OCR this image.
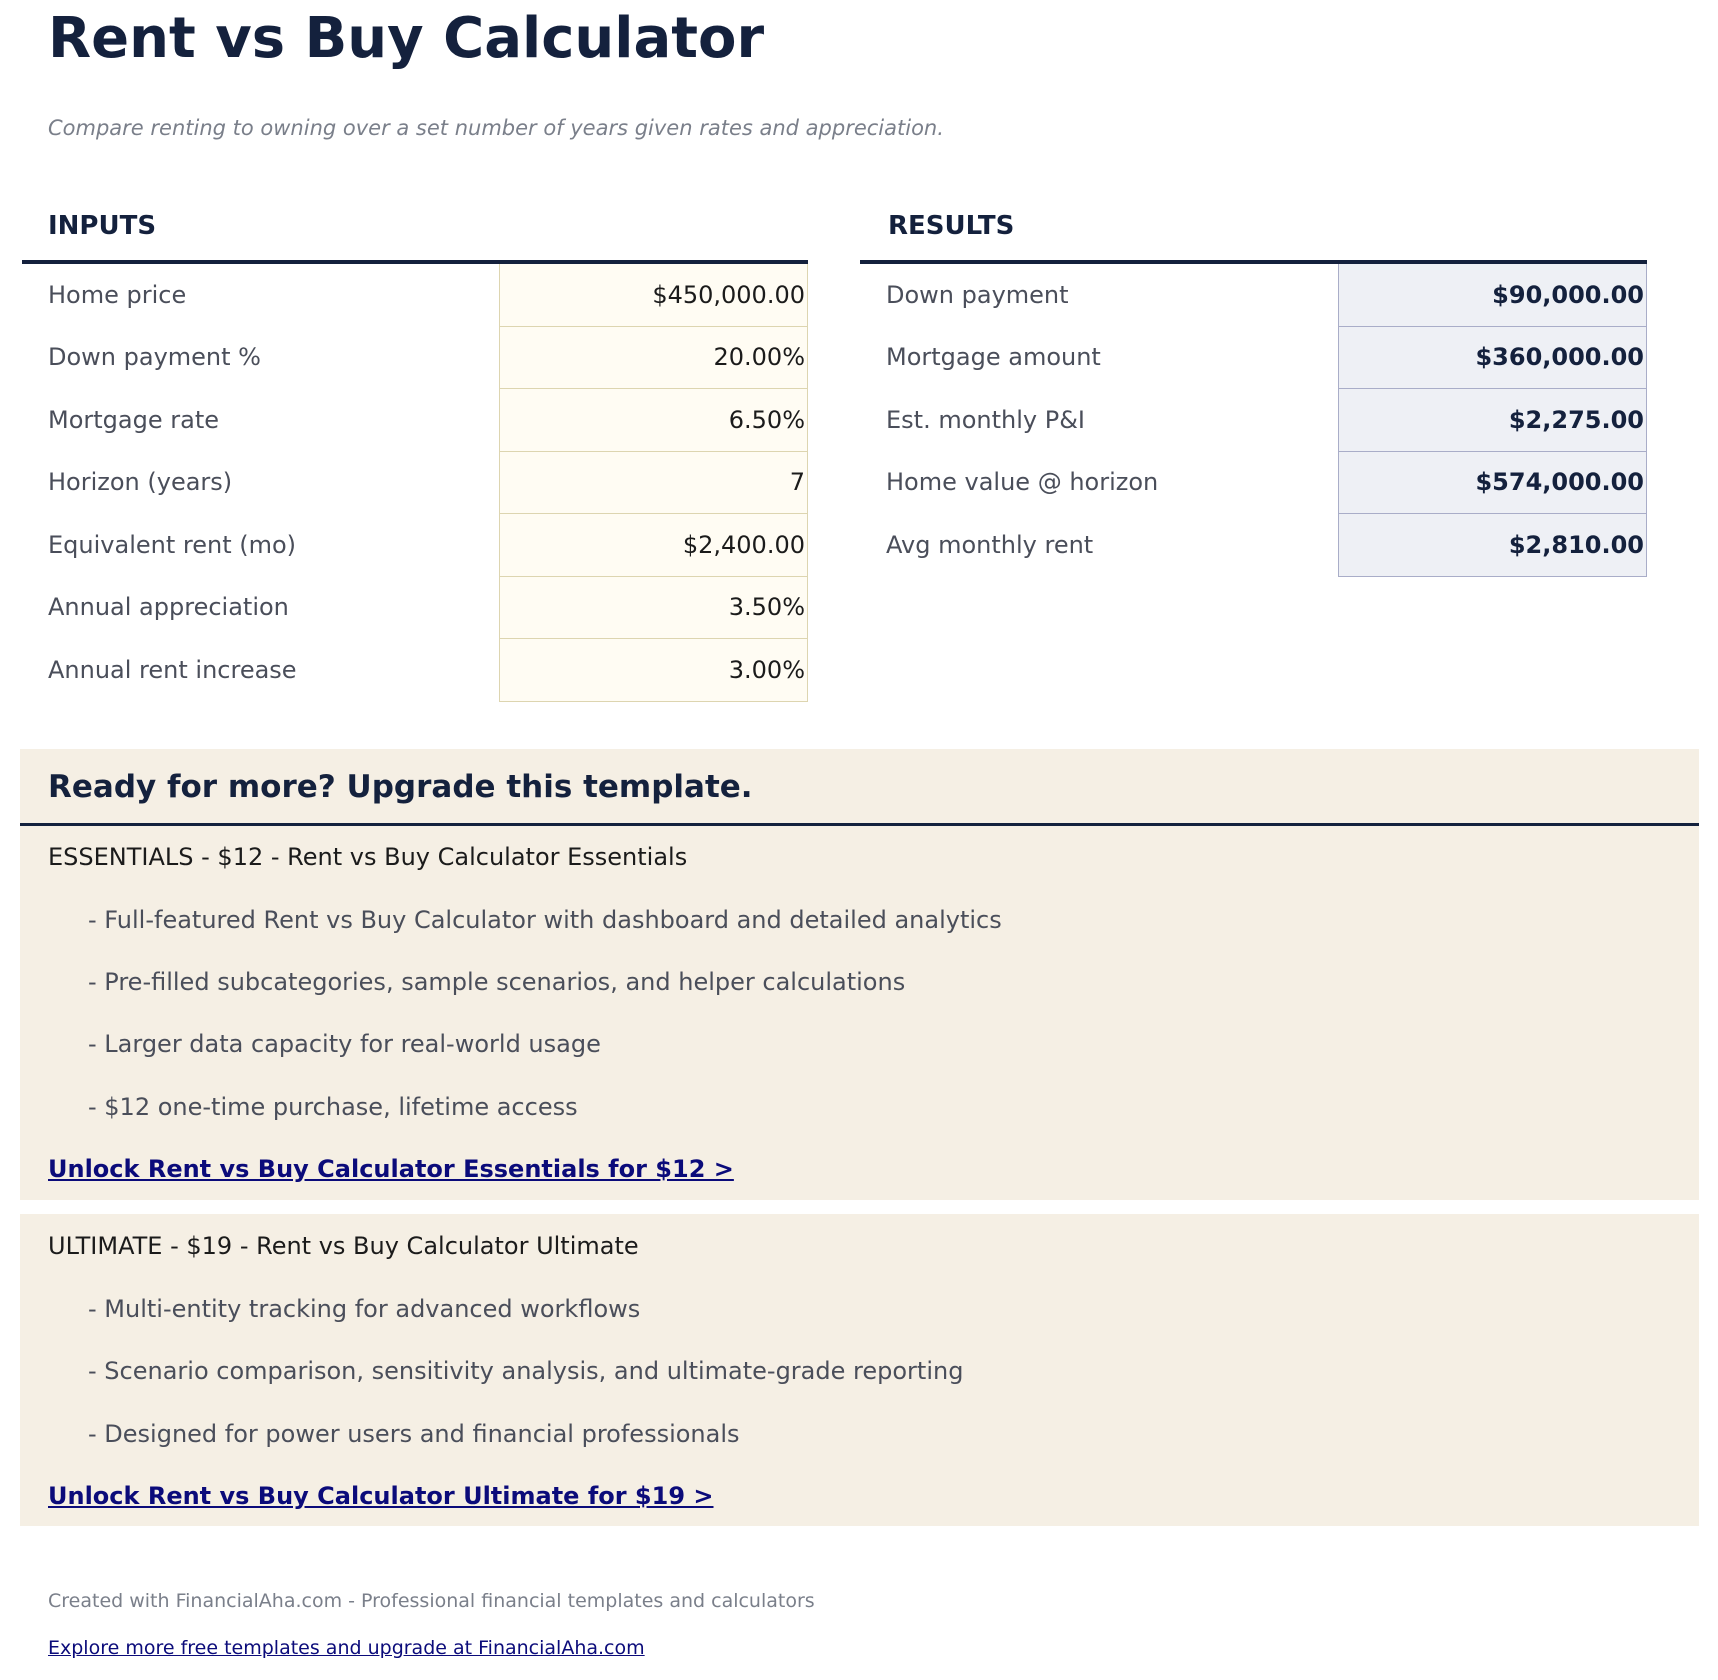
Rent vs Buy Calculator
Compare renting to owning over a set number of years given rates and appreciation.
INPUTS
Home price	$450,000.00
Down payment %	20.00%
Mortgage rate	6.50%
Horizon (years)	7
Equivalent rent (mo)	$2,400.00
Annual appreciation	3.50%
Annual rent increase	3.00%
RESULTS
Down payment	$90,000.00
Mortgage amount	$360,000.00
Est. monthly P&I	$2,275.00
Home value @ horizon	$574,000.00
Avg monthly rent	$2,810.00
Ready for more? Upgrade this template.
ESSENTIALS - $12 - Rent vs Buy Calculator Essentials
- Full-featured Rent vs Buy Calculator with dashboard and detailed analytics
- Pre-filled subcategories, sample scenarios, and helper calculations
- Larger data capacity for real-world usage
- $12 one-time purchase, lifetime access
Unlock Rent vs Buy Calculator Essentials for $12 >
ULTIMATE - $19 - Rent vs Buy Calculator Ultimate
- Multi-entity tracking for advanced workflows
- Scenario comparison, sensitivity analysis, and ultimate-grade reporting
- Designed for power users and financial professionals
Unlock Rent vs Buy Calculator Ultimate for $19 >
Created with FinancialAha.com - Professional financial templates and calculators
Explore more free templates and upgrade at FinancialAha.com
